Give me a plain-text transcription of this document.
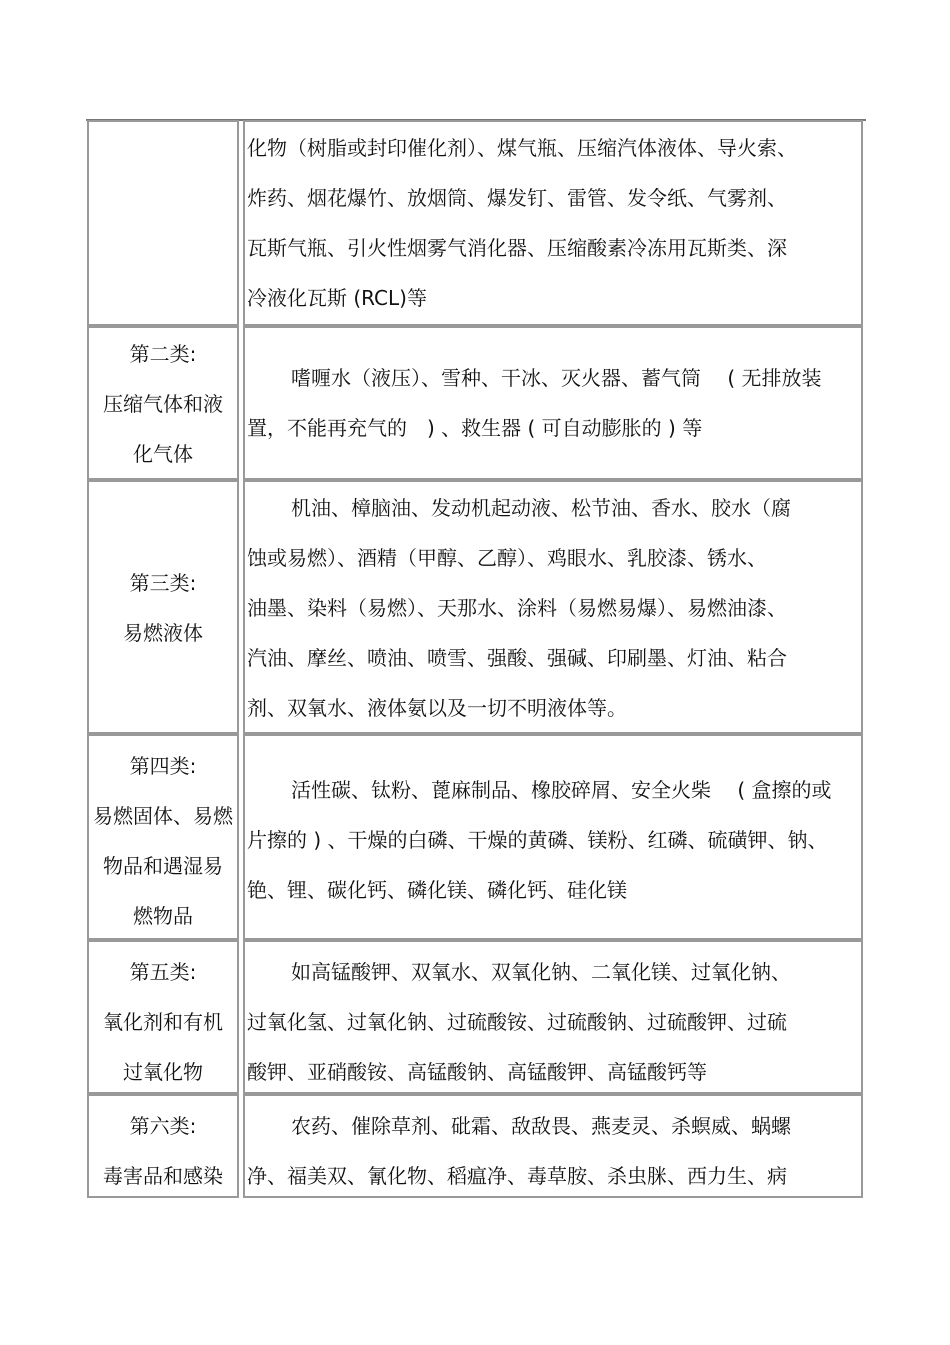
化物（树脂或封印催化剂）、煤气瓶、压缩汽体液体、导火索、
炸药、烟花爆竹、放烟筒、爆发钉、雷管、发令纸、气雾剂、
瓦斯气瓶、引火性烟雾气消化器、压缩酸素冷冻用瓦斯类、深
冷液化瓦斯 (RCL)等
第二类:
压缩气体和液
化气体
嗜喱水（液压）、雪种、干冰、灭火器、蓄气筒　 ( 无排放装
置，不能再充气的　) 、救生器 ( 可自动膨胀的 ) 等
第三类:
易燃液体
机油、樟脑油、发动机起动液、松节油、香水、胶水（腐
蚀或易燃）、酒精（甲醇、乙醇）、鸡眼水、乳胶漆、锈水、
油墨、染料（易燃）、天那水、涂料（易燃易爆）、易燃油漆、
汽油、摩丝、喷油、喷雪、强酸、强碱、印刷墨、灯油、粘合
剂、双氧水、液体氨以及一切不明液体等。
第四类:
易燃固体、易燃
物品和遇湿易
燃物品
活性碳、钛粉、蓖麻制品、橡胶碎屑、安全火柴　 ( 盒擦的或
片擦的 ) 、干燥的白磷、干燥的黄磷、镁粉、红磷、硫磺钾、钠、
铯、锂、碳化钙、磷化镁、磷化钙、硅化镁
第五类:
氧化剂和有机
过氧化物
如高锰酸钾、双氧水、双氧化钠、二氧化镁、过氧化钠、
过氧化氢、过氧化钠、过硫酸铵、过硫酸钠、过硫酸钾、过硫
酸钾、亚硝酸铵、高锰酸钠、高锰酸钾、高锰酸钙等
第六类:
毒害品和感染
农药、催除草剂、砒霜、敌敌畏、燕麦灵、杀螟威、蜗螺
净、福美双、氰化物、稻瘟净、毒草胺、杀虫脒、西力生、病
